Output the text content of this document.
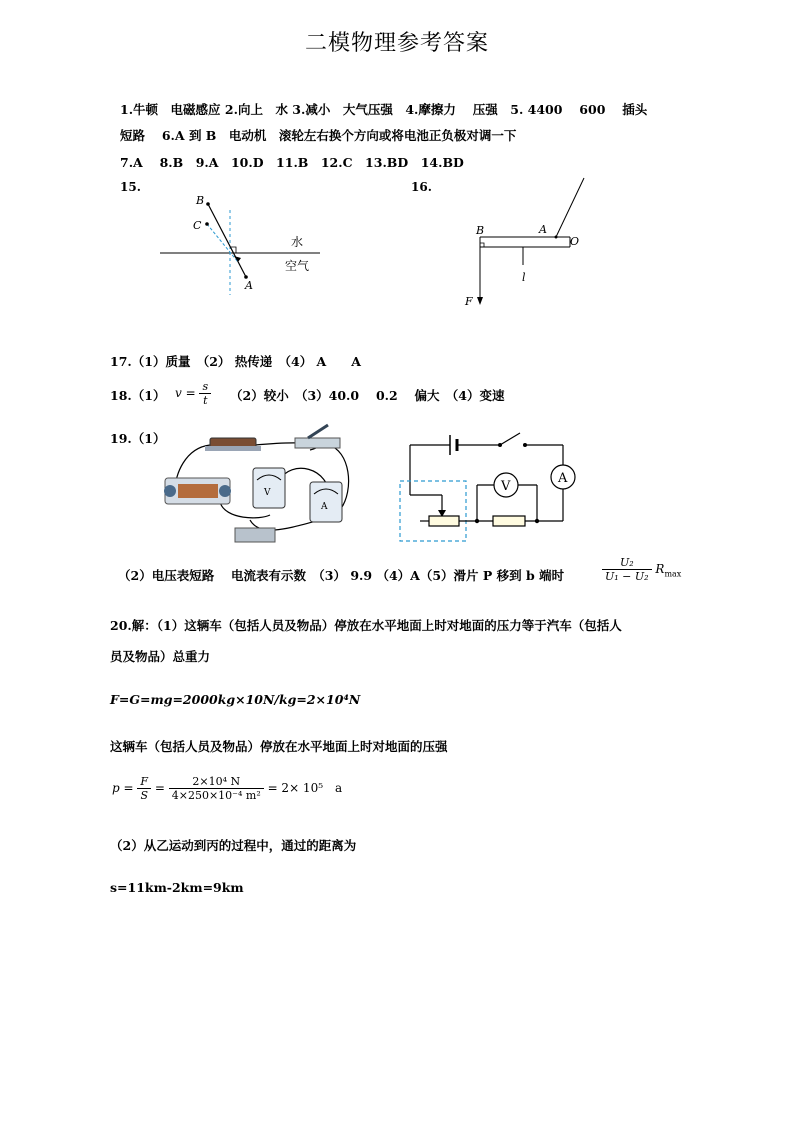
二模物理参考答案
1.牛顿　电磁感应 2.向上　水 3.减小　大气压强　4.摩擦力　 压强　5. 4400　 600　 插头
短路　 6.A 到 B　电动机　滚轮左右换个方向或将电池正负极对调一下
7.A　 8.B　9.A　10.D　11.B　12.C　13.BD　14.BD
15.	16.
B
C
A
水
空气
B	A
O
l
F
17.（1）质量　（2） 热传递　（4） A　　A
18.（1） $v = \frac{s}{t} (2)$较小　（3）40.0　 0.2　 偏大　（4）变速
19.（1）
V
A
A
V
（2）电压表短路　 电流表有示数　（3） 9.9 （4）A（5）滑片 P 移到 b 端时	$\frac{\text{U₂}}{\text{U₁ − U₂}} R_{max}$
20.解：（1）这辆车（包括人员及物品）停放在水平地面上时对地面的压力等于汽车（包括人
员及物品）总重力
F=G=mg=2000kg×10N/kg=2×10⁴N
这辆车（包括人员及物品）停放在水平地面上时对地面的压强
$p = \frac{F}{S} = \frac{\text{2×10⁴ N}}{\text{4×250×10⁻⁴ m²}} = 2\times 10^5$　a
（2）从乙运动到丙的过程中，通过的距离为
s=11km-2km=9km
